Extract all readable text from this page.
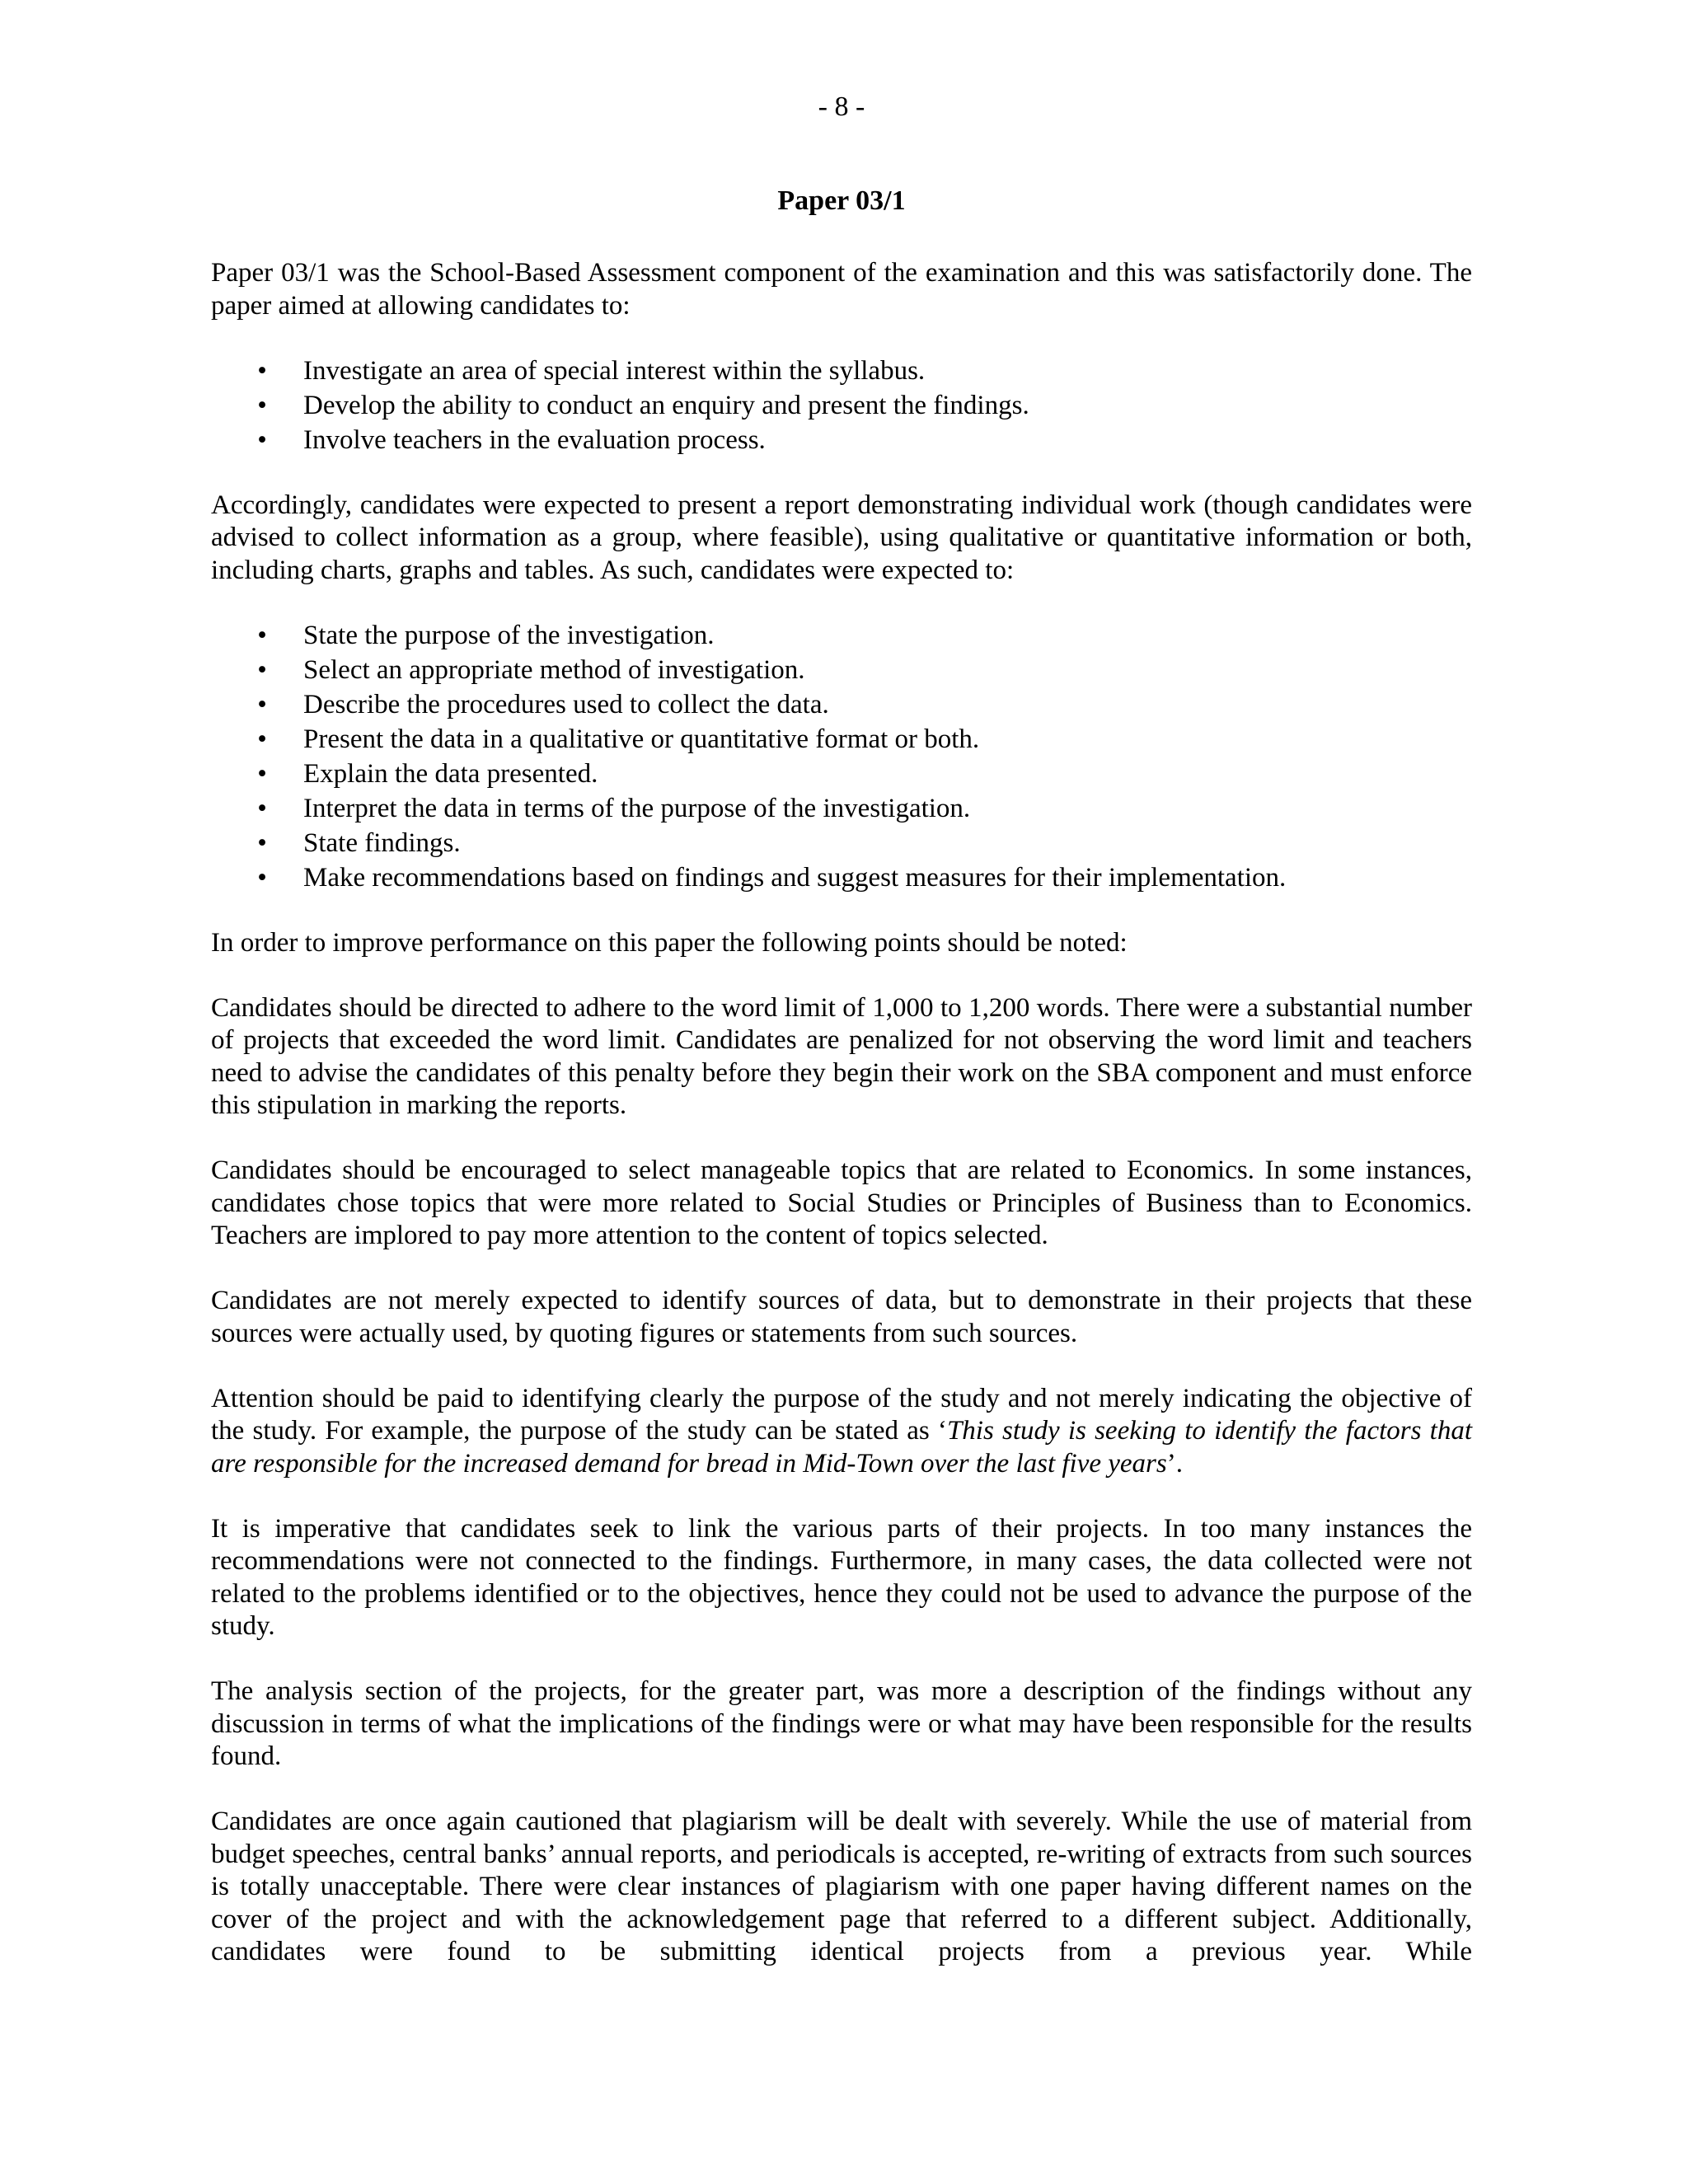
- 8 -
Paper 03/1

Paper 03/1 was the School-Based Assessment component of the examination and this was satisfactorily done. The paper aimed at allowing candidates to:

• Investigate an area of special interest within the syllabus.
• Develop the ability to conduct an enquiry and present the findings.
• Involve teachers in the evaluation process.

Accordingly, candidates were expected to present a report demonstrating individual work (though candidates were advised to collect information as a group, where feasible), using qualitative or quantitative information or both, including charts, graphs and tables. As such, candidates were expected to:

• State the purpose of the investigation.
• Select an appropriate method of investigation.
• Describe the procedures used to collect the data.
• Present the data in a qualitative or quantitative format or both.
• Explain the data presented.
• Interpret the data in terms of the purpose of the investigation.
• State findings.
• Make recommendations based on findings and suggest measures for their implementation.

In order to improve performance on this paper the following points should be noted:

Candidates should be directed to adhere to the word limit of 1,000 to 1,200 words. There were a substantial number of projects that exceeded the word limit. Candidates are penalized for not observing the word limit and teachers need to advise the candidates of this penalty before they begin their work on the SBA component and must enforce this stipulation in marking the reports.

Candidates should be encouraged to select manageable topics that are related to Economics. In some instances, candidates chose topics that were more related to Social Studies or Principles of Business than to Economics. Teachers are implored to pay more attention to the content of topics selected.

Candidates are not merely expected to identify sources of data, but to demonstrate in their projects that these sources were actually used, by quoting figures or statements from such sources.

Attention should be paid to identifying clearly the purpose of the study and not merely indicating the objective of the study. For example, the purpose of the study can be stated as ‘This study is seeking to identify the factors that are responsible for the increased demand for bread in Mid-Town over the last five years’.

It is imperative that candidates seek to link the various parts of their projects. In too many instances the recommendations were not connected to the findings. Furthermore, in many cases, the data collected were not related to the problems identified or to the objectives, hence they could not be used to advance the purpose of the study.

The analysis section of the projects, for the greater part, was more a description of the findings without any discussion in terms of what the implications of the findings were or what may have been responsible for the results found.

Candidates are once again cautioned that plagiarism will be dealt with severely. While the use of material from budget speeches, central banks’ annual reports, and periodicals is accepted, re-writing of extracts from such sources is totally unacceptable. There were clear instances of plagiarism with one paper having different names on the cover of the project and with the acknowledgement page that referred to a different subject. Additionally, candidates were found to be submitting identical projects from a previous year. While
